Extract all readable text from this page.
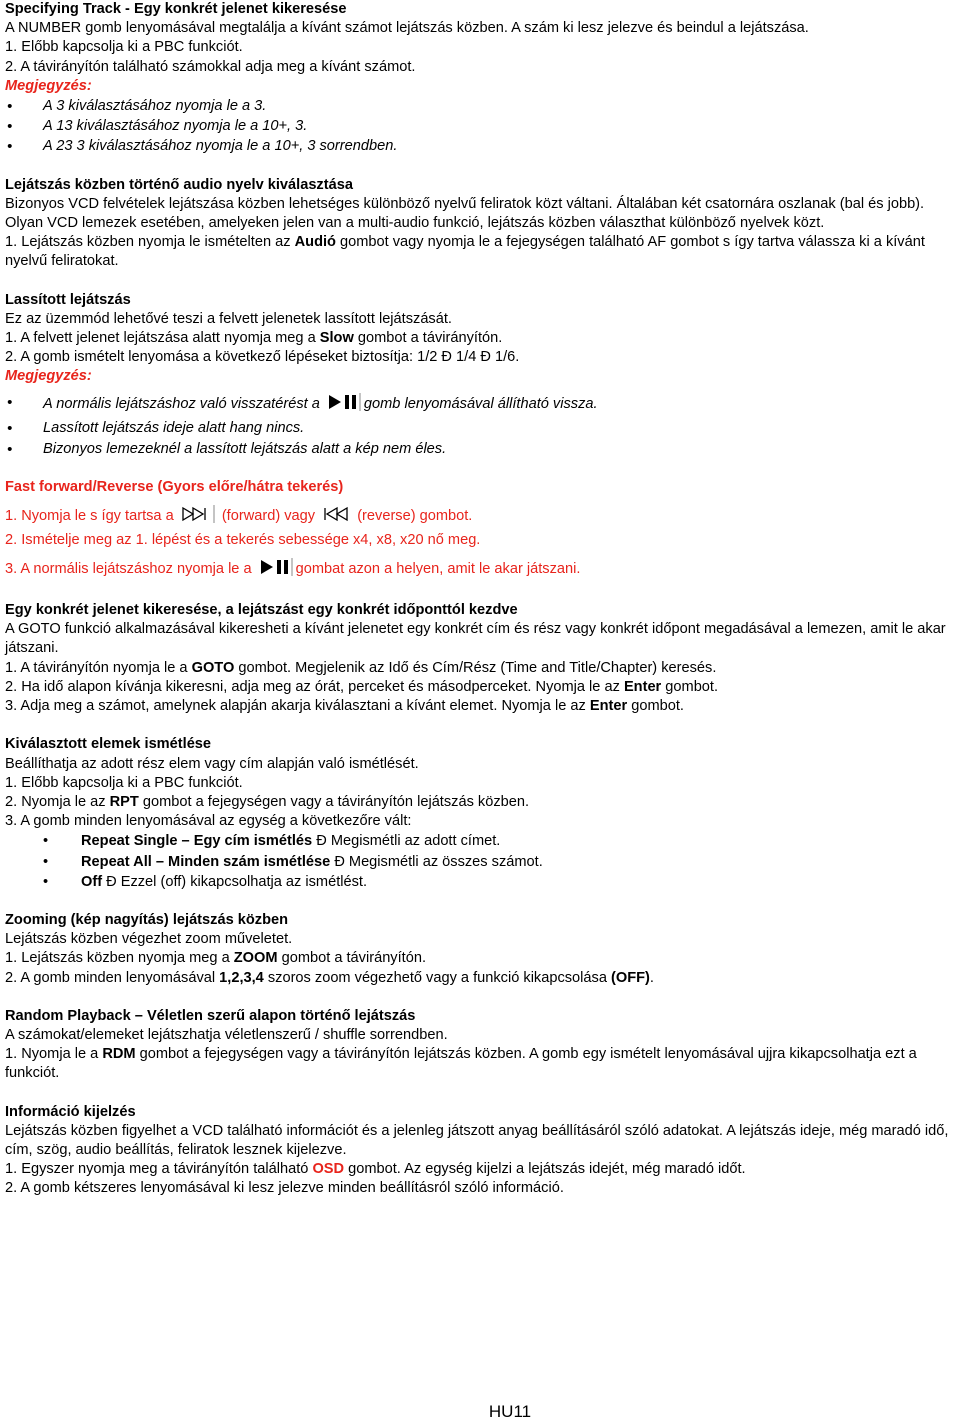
Specifying Track - Egy konkrét jelenet kikeresése
A NUMBER gomb lenyomásával megtalálja a kívánt számot lejátszás közben. A szám ki lesz jelezve és beindul a lejátszása.
1. Előbb kapcsolja ki a PBC funkciót.
2. A távirányítón található számokkal adja meg a kívánt számot.
Megjegyzés:
• A 3 kiválasztásához nyomja le a 3.
• A 13 kiválasztásához nyomja le a 10+, 3.
• A 23 3 kiválasztásához nyomja le a 10+, 3 sorrendben.
Lejátszás közben történő audio nyelv kiválasztása
Bizonyos VCD felvételek lejátszása közben lehetséges különböző nyelvű feliratok közt váltani. Általában két csatornára oszlanak (bal és jobb).
Olyan VCD lemezek esetében, amelyeken jelen van a multi-audio funkció, lejátszás közben választhat különböző nyelvek közt.
1. Lejátszás közben nyomja le ismételten az Audió gombot vagy nyomja le a fejegységen található AF gombot s így tartva válassza ki a kívánt nyelvű feliratokat.
Lassított lejátszás
Ez az üzemmód lehetővé teszi a felvett jelenetek lassított lejátszását.
1. A felvett jelenet lejátszása alatt nyomja meg a Slow gombot a távirányítón.
2. A gomb ismételt lenyomása a következő lépéseket biztosítja: 1/2 Ð 1/4 Ð 1/6.
Megjegyzés:
• A normális lejátszáshoz való visszatérést a	gomb lenyomásával állítható vissza.
• Lassított lejátszás ideje alatt hang nincs.
• Bizonyos lemezeknél a lassított lejátszás alatt a kép nem éles.
Fast forward/Reverse (Gyors előre/hátra tekerés)
1. Nyomja le s így tartsa a	(forward) vagy  (reverse) gombot.
2. Ismételje meg az 1. lépést és a tekerés sebessége x4, x8, x20 nő meg.
3. A normális lejátszáshoz nyomja le a	gombat azon a helyen, amit le akar játszani.
Egy konkrét jelenet kikeresése, a lejátszást egy konkrét időponttól kezdve
A GOTO funkció alkalmazásával kikeresheti a kívánt jelenetet egy konkrét cím és rész vagy konkrét időpont megadásával a lemezen, amit le akar játszani.
1. A távirányítón nyomja le a GOTO gombot. Megjelenik az Idő és Cím/Rész (Time and Title/Chapter) keresés.
2. Ha idő alapon kívánja kikeresni, adja meg az órát, perceket és másodperceket. Nyomja le az Enter gombot.
3. Adja meg a számot, amelynek alapján akarja kiválasztani a kívánt elemet. Nyomja le az Enter gombot.
Kiválasztott elemek ismétlése
Beállíthatja az adott rész elem vagy cím alapján való ismétlését.
1. Előbb kapcsolja ki a PBC funkciót.
2. Nyomja le az RPT gombot a fejegységen vagy a távirányítón lejátszás közben.
3. A gomb minden lenyomásával az egység a következőre vált:
• Repeat Single – Egy cím ismétlés Ð Megismétli az adott címet.
• Repeat All – Minden szám ismétlése Ð Megismétli az összes számot.
• Off Ð Ezzel (off) kikapcsolhatja az ismétlést.
Zooming (kép nagyítás) lejátszás közben
Lejátszás közben végezhet zoom műveletet.
1. Lejátszás közben nyomja meg a ZOOM gombot a távirányítón.
2. A gomb minden lenyomásával 1,2,3,4 szoros zoom végezhető vagy a funkció kikapcsolása (OFF).
Random Playback – Véletlen szerű alapon történő lejátszás
A számokat/elemeket lejátszhatja véletlenszerű / shuffle sorrendben.
1. Nyomja le a RDM gombot a fejegységen vagy a távirányítón lejátszás közben. A gomb egy ismételt lenyomásával ujjra kikapcsolhatja ezt a funkciót.
Információ kijelzés
Lejátszás közben figyelhet a VCD található információt és a jelenleg játszott anyag beállításáról szóló adatokat. A lejátszás ideje, még maradó idő, cím, szög, audio beállítás, feliratok lesznek kijelezve.
1. Egyszer nyomja meg a távirányítón található OSD gombot. Az egység kijelzi a lejátszás idejét, még maradó időt.
2. A gomb kétszeres lenyomásával ki lesz jelezve minden beállításról szóló információ.
HU11
